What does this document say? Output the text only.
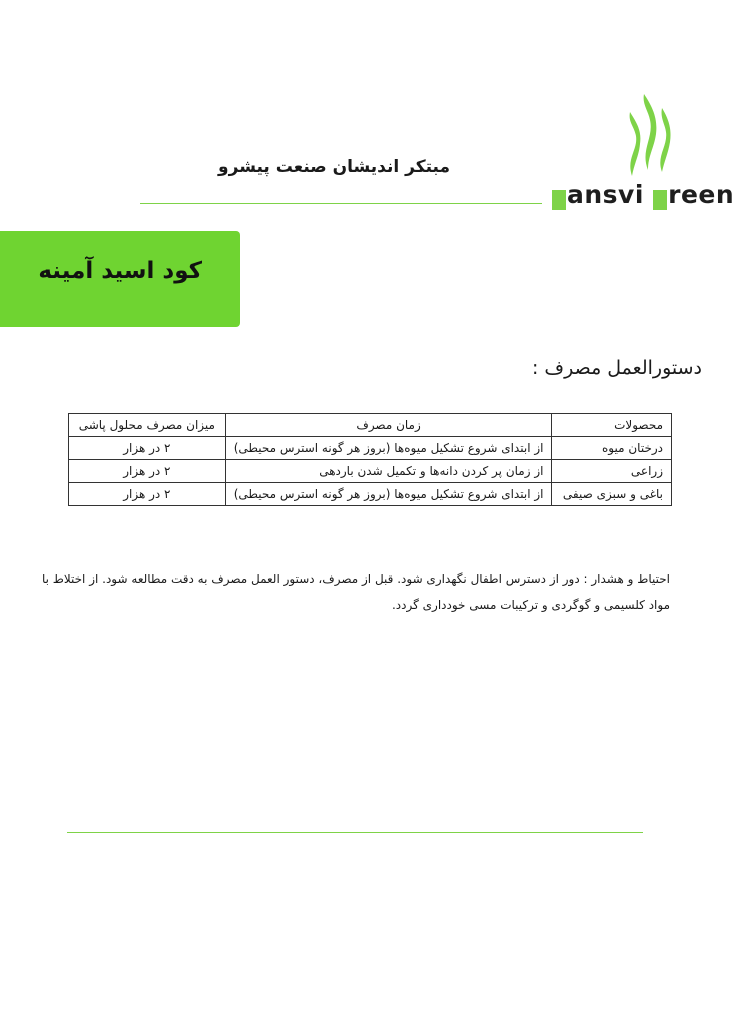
ansvi reen
مبتکر اندیشان صنعت پیشرو
کود اسید آمینه
دستورالعمل مصرف :
محصولات	زمان مصرف	میزان مصرف محلول پاشی
درختان میوه	از ابتدای شروع تشکیل میوه‌ها (بروز هر گونه استرس محیطی)	۲ در هزار
زراعی	از زمان پر کردن دانه‌ها و تکمیل شدن باردهی	۲ در هزار
باغی و سبزی صیفی	از ابتدای شروع تشکیل میوه‌ها (بروز هر گونه استرس محیطی)	۲ در هزار
احتیاط و هشدار : دور از دسترس اطفال نگهداری شود. قبل از مصرف، دستور العمل مصرف به دقت مطالعه شود. از اختلاط با مواد کلسیمی و گوگردی و ترکیبات مسی خودداری گردد.
